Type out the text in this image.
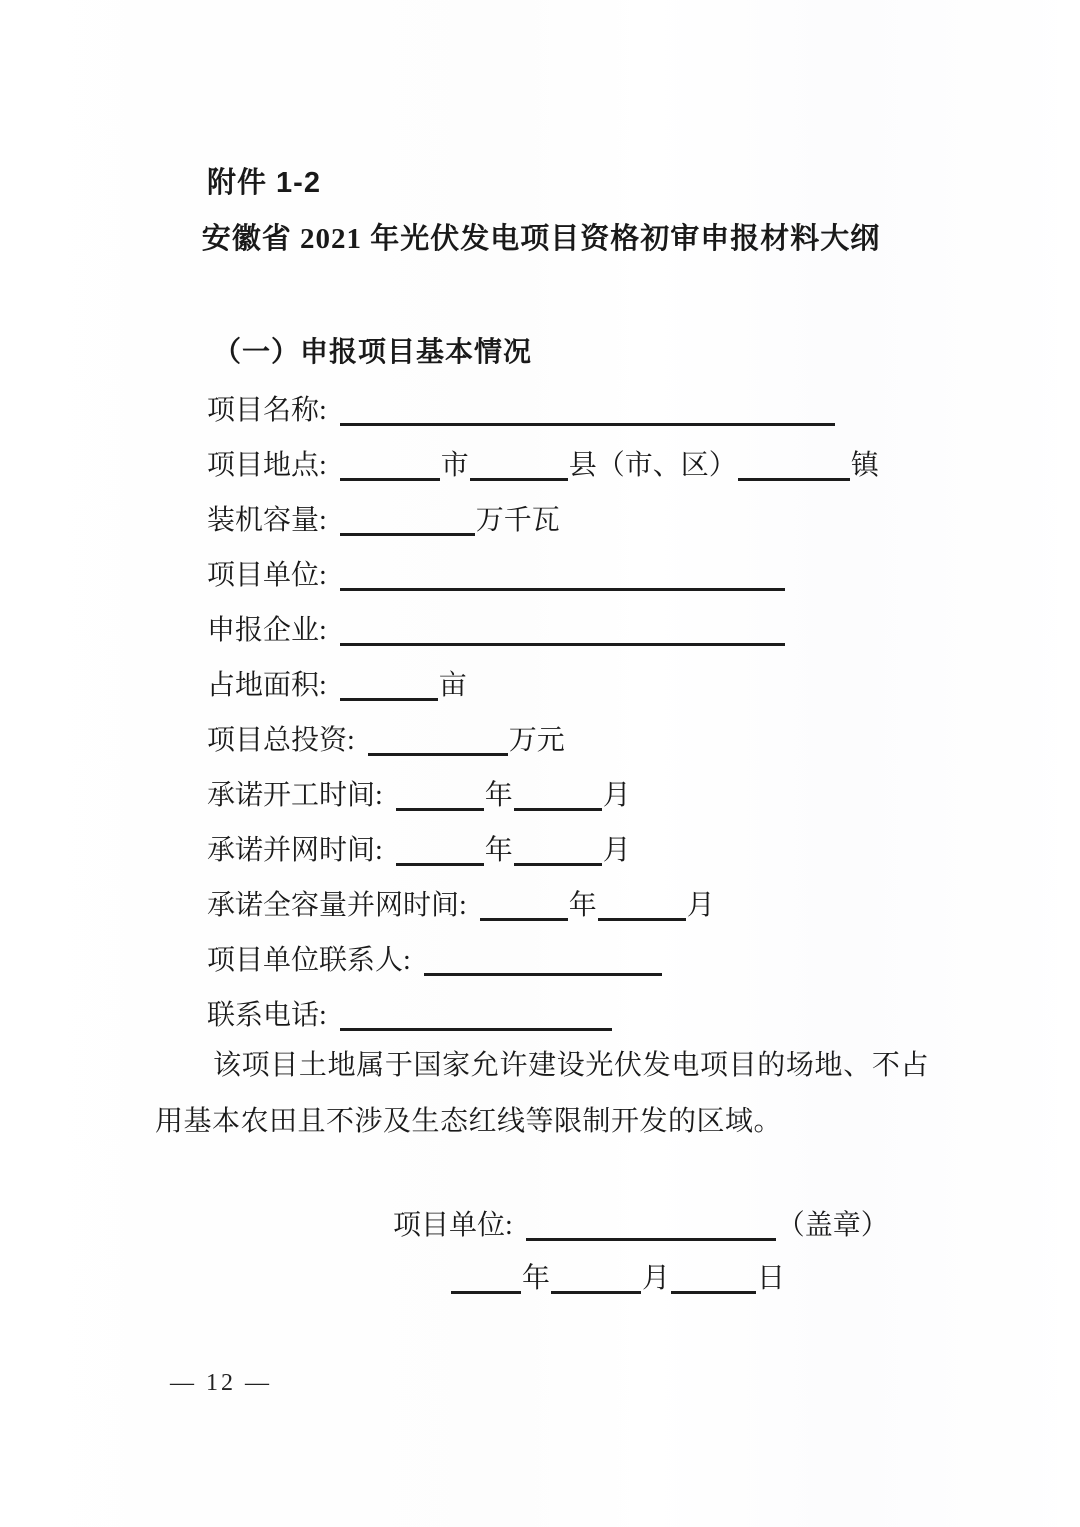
附件 1-2
安徽省 2021 年光伏发电项目资格初审申报材料大纲
（一）申报项目基本情况
项目名称:
项目地点:	市	县（市、区）	镇
装机容量:	万千瓦
项目单位:
申报企业:
占地面积:	亩
项目总投资:	万元
承诺开工时间:	年	月
承诺并网时间:	年	月
承诺全容量并网时间:	年	月
项目单位联系人:
联系电话:

该项目土地属于国家允许建设光伏发电项目的场地、不占用基本农田且不涉及生态红线等限制开发的区域。

项目单位:	（盖章）
年	月	日
— 12 —
